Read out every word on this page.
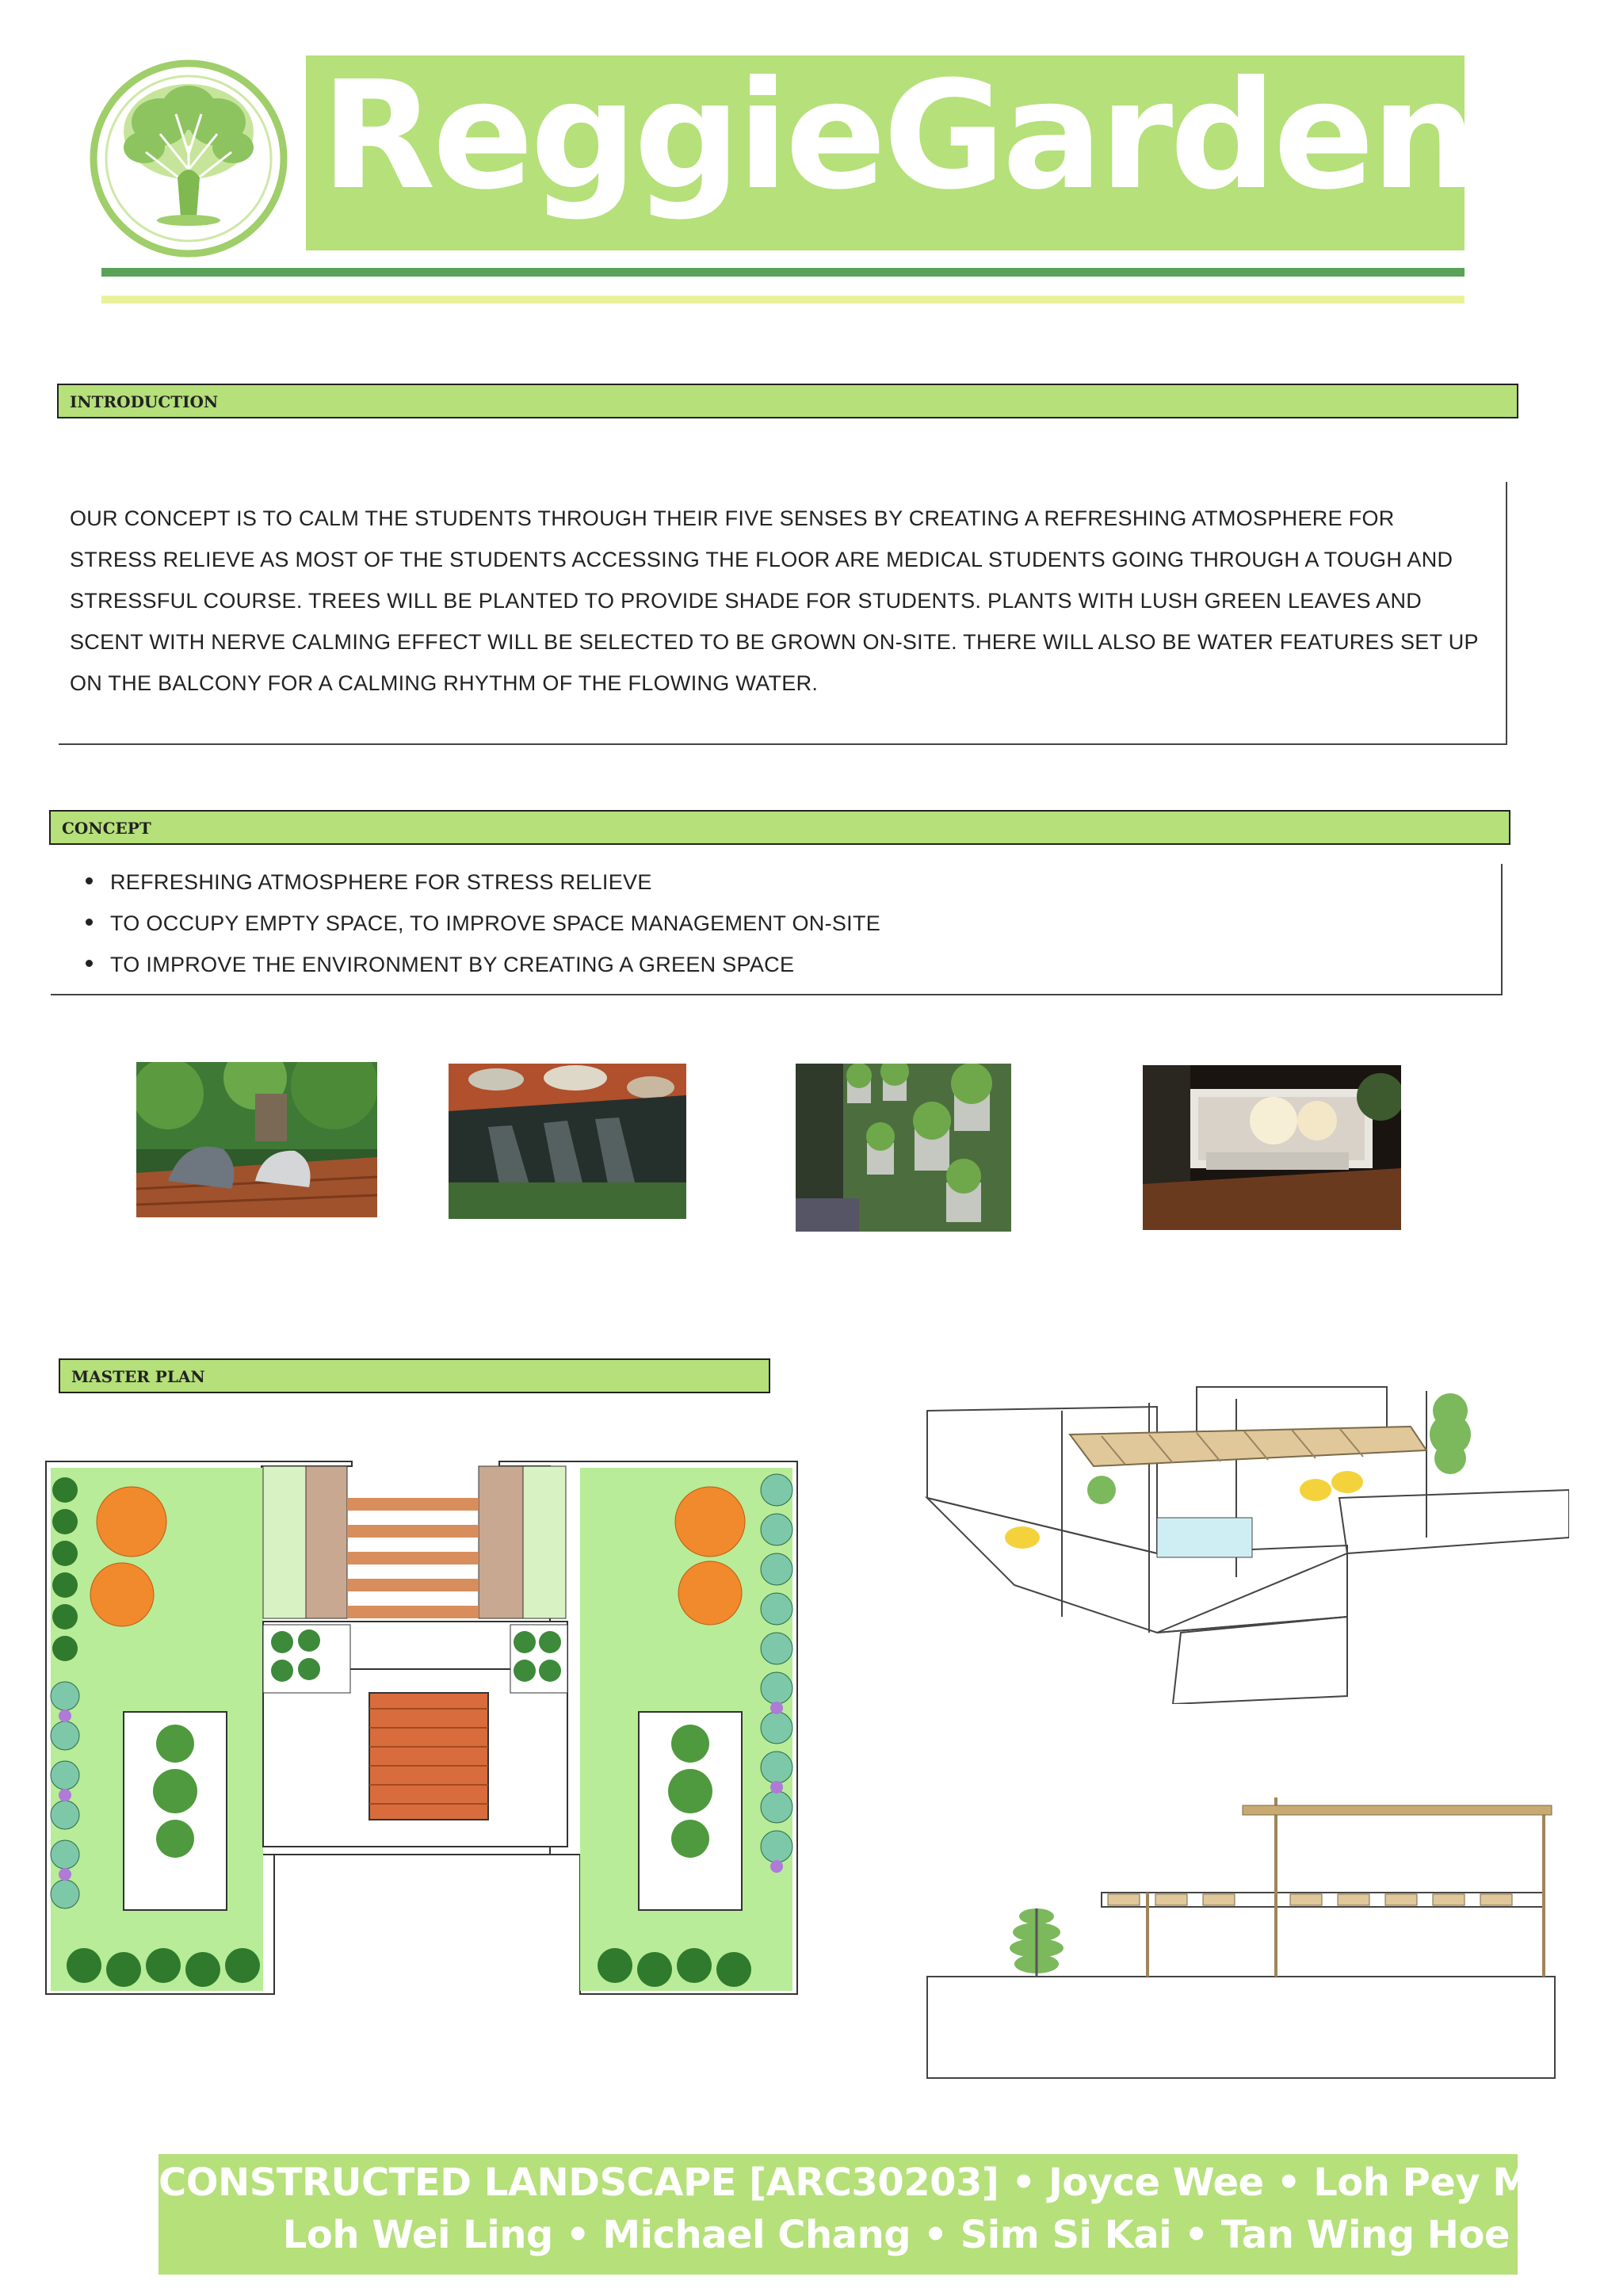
ReggieGarden™
INTRODUCTION
OUR CONCEPT IS TO CALM THE STUDENTS THROUGH THEIR FIVE SENSES BY CREATING A REFRESHING ATMOSPHERE FOR
STRESS RELIEVE AS MOST OF THE STUDENTS ACCESSING THE FLOOR ARE MEDICAL STUDENTS GOING THROUGH A TOUGH AND
STRESSFUL COURSE. TREES WILL BE PLANTED TO PROVIDE SHADE FOR STUDENTS. PLANTS WITH LUSH GREEN LEAVES AND
SCENT WITH NERVE CALMING EFFECT WILL BE SELECTED TO BE GROWN ON-SITE. THERE WILL ALSO BE WATER FEATURES SET UP
ON THE BALCONY FOR A CALMING RHYTHM OF THE FLOWING WATER.
CONCEPT
REFRESHING ATMOSPHERE FOR STRESS RELIEVE
TO OCCUPY EMPTY SPACE, TO IMPROVE SPACE MANAGEMENT ON-SITE
TO IMPROVE THE ENVIRONMENT BY CREATING A GREEN SPACE
MASTER PLAN
CONSTRUCTED LANDSCAPE [ARC30203] • Joyce Wee • Loh Pey Mun •
Loh Wei Ling • Michael Chang • Sim Si Kai • Tan Wing Hoe
